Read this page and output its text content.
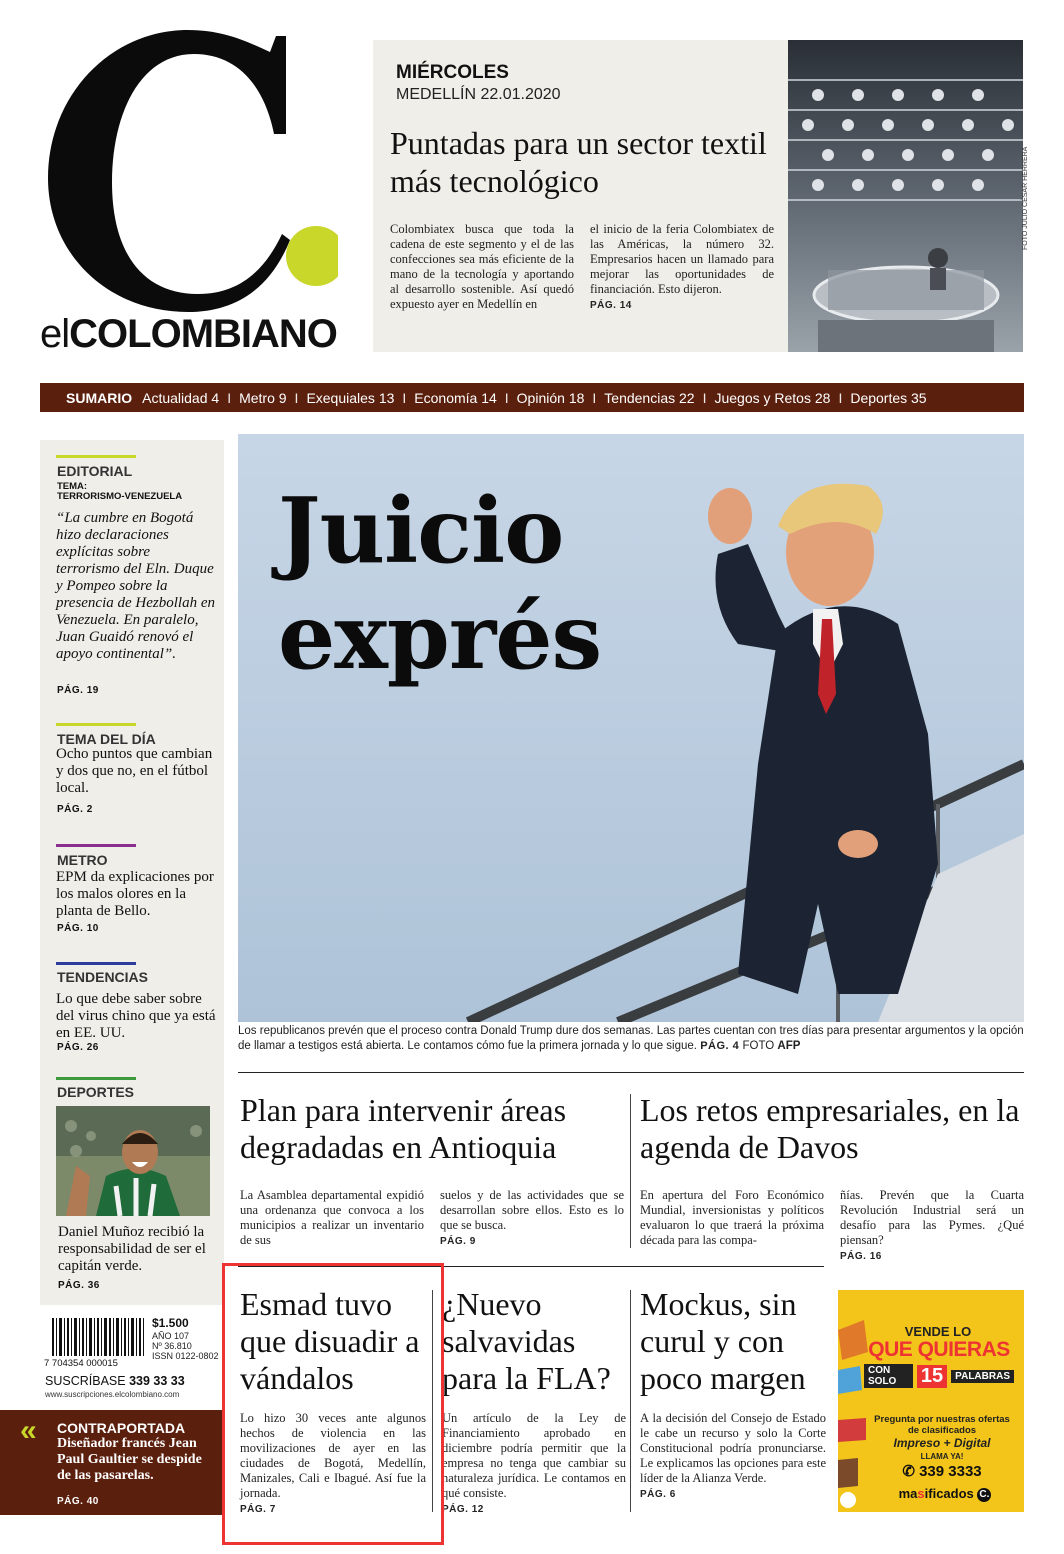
elCOLOMBIANO
MIÉRCOLES
MEDELLÍN 22.01.2020
Puntadas para un sector textil más tecnológico
Colombiatex busca que toda la cadena de este segmento y el de las confecciones sea más eficiente de la mano de la tecnología y aportando al desarrollo sostenible. Así quedó expuesto ayer en Medellín en
el inicio de la feria Colombiatex de las Américas, la número 32. Empresarios hacen un llamado para mejorar las oportunidades de financiación. Esto dijeron.
PÁG. 14
FOTO JULIO CÉSAR HERRERA
SUMARIO Actualidad 4 I Metro 9 I Exequiales 13 I Economía 14 I Opinión 18 I Tendencias 22 I Juegos y Retos 28 I Deportes 35
EDITORIAL
TEMA:
TERRORISMO-VENEZUELA
“La cumbre en Bogotá hizo declaraciones explícitas sobre terrorismo del Eln. Duque y Pompeo sobre la presencia de Hezbollah en Venezuela. En paralelo, Juan Guaidó renovó el apoyo continental”.
PÁG. 19
TEMA DEL DÍA
Ocho puntos que cambian y dos que no, en el fútbol local.
PÁG. 2
METRO
EPM da explicaciones por los malos olores en la planta de Bello.
PÁG. 10
TENDENCIAS
Lo que debe saber sobre del virus chino que ya está en EE. UU.
PÁG. 26
DEPORTES
Daniel Muñoz recibió la responsabilidad de ser el capitán verde.
PÁG. 36
Juicio
exprés
Los republicanos prevén que el proceso contra Donald Trump dure dos semanas. Las partes cuentan con tres días para presentar argumentos y la opción de llamar a testigos está abierta. Le contamos cómo fue la primera jornada y lo que sigue. PÁG. 4 FOTO AFP
Plan para intervenir áreas degradadas en Antioquia
La Asamblea departamental expidió una ordenanza que convoca a los municipios a realizar un inventario de sus
suelos y de las actividades que se desarrollan sobre ellos. Esto es lo que se busca.
PÁG. 9
Los retos empresariales, en la agenda de Davos
En apertura del Foro Económico Mundial, inversionistas y políticos evaluaron lo que traerá la próxima década para las compa-
ñías. Prevén que la Cuarta Revolución Industrial será un desafío para las Pymes. ¿Qué piensan?
PÁG. 16
Esmad tuvo que disuadir a vándalos
Lo hizo 30 veces ante algunos hechos de violencia en las movilizaciones de ayer en las ciudades de Bogotá, Medellín, Manizales, Cali e Ibagué. Así fue la jornada.
PÁG. 7
¿Nuevo salvavidas para la FLA?
Un artículo de la Ley de Financiamiento aprobado en diciembre podría permitir que la empresa no tenga que cambiar su naturaleza jurídica. Le contamos en qué consiste.
PÁG. 12
Mockus, sin curul y con poco margen
A la decisión del Consejo de Estado le cabe un recurso y solo la Corte Constitucional podría pronunciarse. Le explicamos las opciones para este líder de la Alianza Verde.
PÁG. 6
7 704354 000015
$1.500
AÑO 107
Nº 36.810
ISSN 0122-0802
SUSCRÍBASE 339 33 33
www.suscripciones.elcolombiano.com
« CONTRAPORTADA
Diseñador francés Jean Paul Gaultier se despide de las pasarelas.
PÁG. 40
VENDE LO
QUE QUIERAS
CON SOLO	15	PALABRAS
Pregunta por nuestras ofertas de clasificados
Impreso + Digital
LLAMA YA!
✆ 339 3333
masificados C.
